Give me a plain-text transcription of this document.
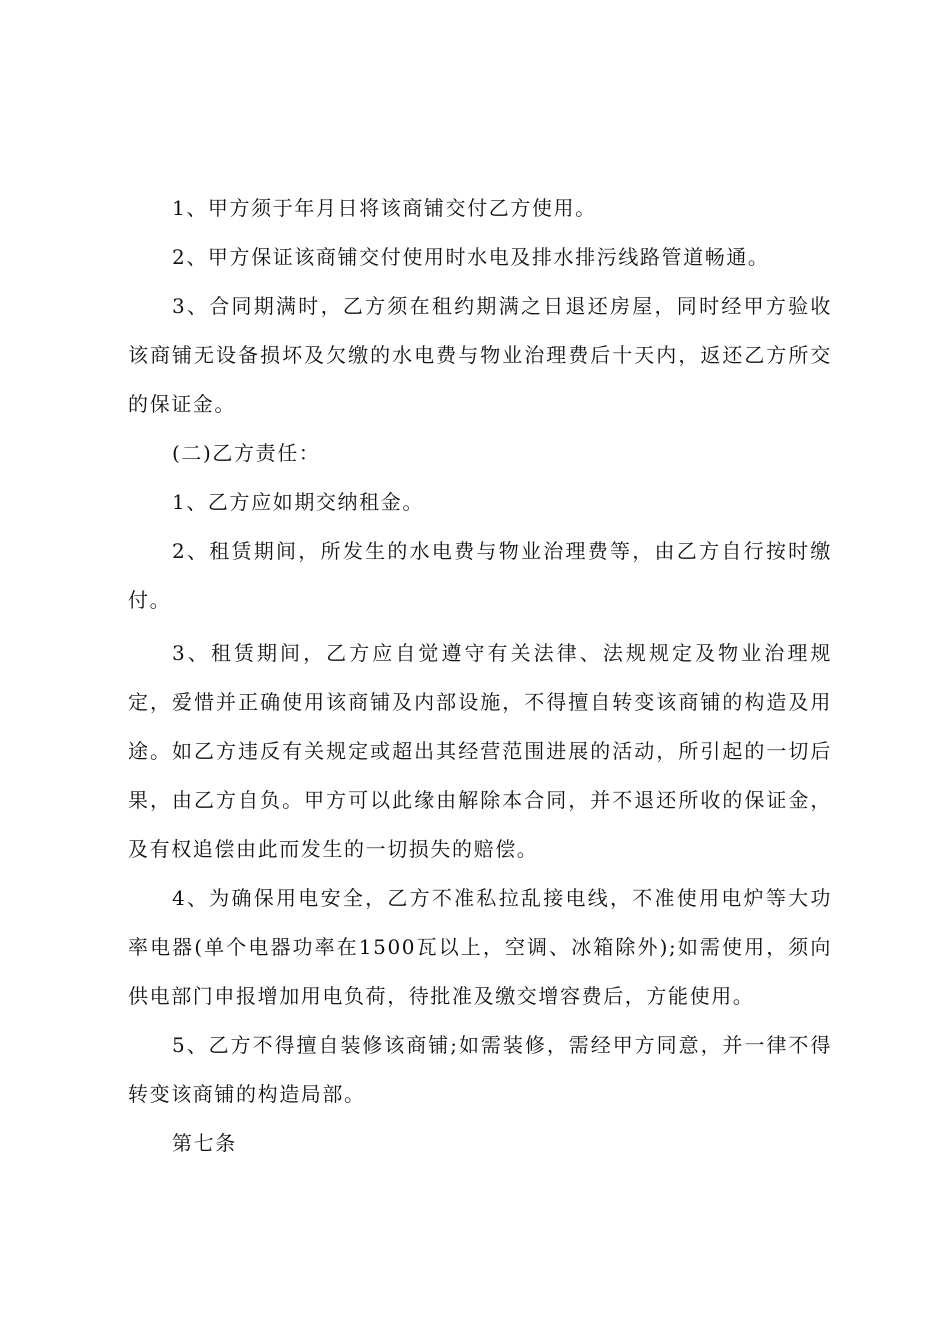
1、甲方须于年月日将该商铺交付乙方使用。

2、甲方保证该商铺交付使用时水电及排水排污线路管道畅通。

3、合同期满时，乙方须在租约期满之日退还房屋，同时经甲方验收该商铺无设备损坏及欠缴的水电费与物业治理费后十天内，返还乙方所交的保证金。

(二)乙方责任：

1、乙方应如期交纳租金。

2、租赁期间，所发生的水电费与物业治理费等，由乙方自行按时缴付。

3、租赁期间，乙方应自觉遵守有关法律、法规规定及物业治理规定，爱惜并正确使用该商铺及内部设施，不得擅自转变该商铺的构造及用途。如乙方违反有关规定或超出其经营范围进展的活动，所引起的一切后果，由乙方自负。甲方可以此缘由解除本合同，并不退还所收的保证金，及有权追偿由此而发生的一切损失的赔偿。

4、为确保用电安全，乙方不准私拉乱接电线，不准使用电炉等大功率电器(单个电器功率在1500瓦以上，空调、冰箱除外);如需使用，须向供电部门申报增加用电负荷，待批准及缴交增容费后，方能使用。

5、乙方不得擅自装修该商铺;如需装修，需经甲方同意，并一律不得转变该商铺的构造局部。

第七条
